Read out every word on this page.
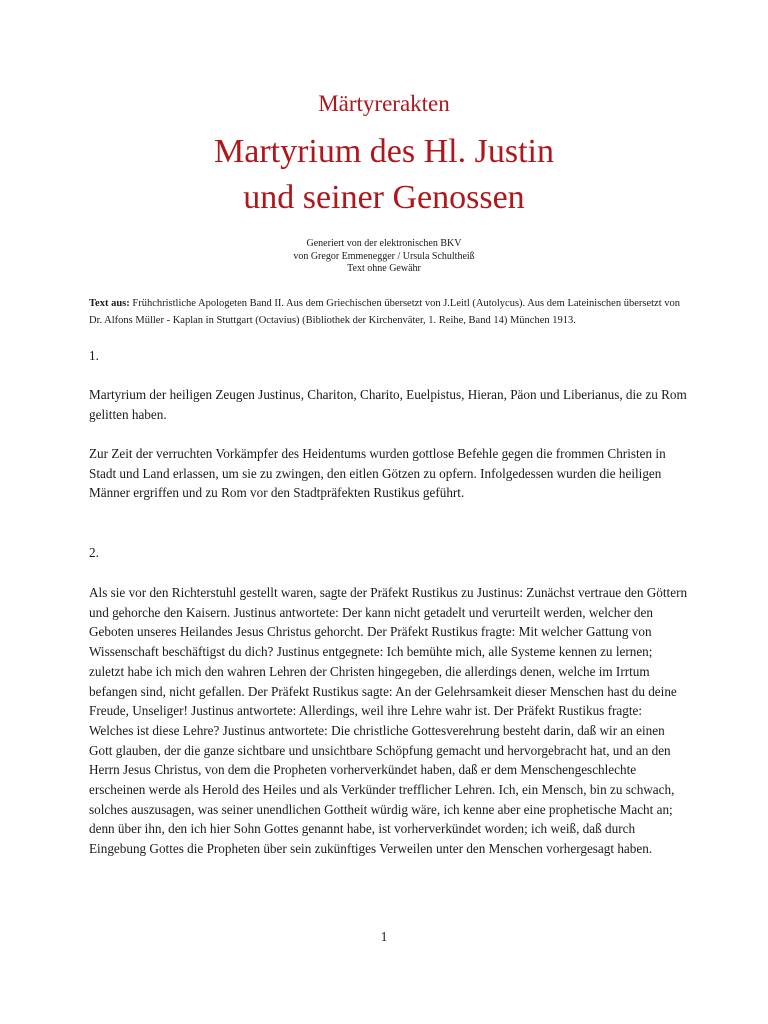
Märtyrerakten
Martyrium des Hl. Justin
und seiner Genossen
Generiert von der elektronischen BKV
von Gregor Emmenegger / Ursula Schultheiß
Text ohne Gewähr
Text aus: Frühchristliche Apologeten Band II. Aus dem Griechischen übersetzt von J.Leitl (Autolycus). Aus dem Lateinischen übersetzt von Dr. Alfons Müller - Kaplan in Stuttgart (Octavius) (Bibliothek der Kirchenväter, 1. Reihe, Band 14) München 1913.

1.

Martyrium der heiligen Zeugen Justinus, Chariton, Charito, Euelpistus, Hieran, Päon und Liberianus, die zu Rom gelitten haben.

Zur Zeit der verruchten Vorkämpfer des Heidentums wurden gottlose Befehle gegen die frommen Christen in Stadt und Land erlassen, um sie zu zwingen, den eitlen Götzen zu opfern. Infolgedessen wurden die heiligen Männer ergriffen und zu Rom vor den Stadtpräfekten Rustikus geführt.

2.

Als sie vor den Richterstuhl gestellt waren, sagte der Präfekt Rustikus zu Justinus: Zunächst vertraue den Göttern und gehorche den Kaisern. Justinus antwortete: Der kann nicht getadelt und verurteilt werden, welcher den Geboten unseres Heilandes Jesus Christus gehorcht. Der Präfekt Rustikus fragte: Mit welcher Gattung von Wissenschaft beschäftigst du dich? Justinus entgegnete: Ich bemühte mich, alle Systeme kennen zu lernen; zuletzt habe ich mich den wahren Lehren der Christen hingegeben, die allerdings denen, welche im Irrtum befangen sind, nicht gefallen. Der Präfekt Rustikus sagte: An der Gelehrsamkeit dieser Menschen hast du deine Freude, Unseliger! Justinus antwortete: Allerdings, weil ihre Lehre wahr ist. Der Präfekt Rustikus fragte: Welches ist diese Lehre? Justinus antwortete: Die christliche Gottesverehrung besteht darin, daß wir an einen Gott glauben, der die ganze sichtbare und unsichtbare Schöpfung gemacht und hervorgebracht hat, und an den Herrn Jesus Christus, von dem die Propheten vorherverkündet haben, daß er dem Menschengeschlechte erscheinen werde als Herold des Heiles und als Verkünder trefflicher Lehren. Ich, ein Mensch, bin zu schwach, solches auszusagen, was seiner unendlichen Gottheit würdig wäre, ich kenne aber eine prophetische Macht an; denn über ihn, den ich hier Sohn Gottes genannt habe, ist vorherverkündet worden; ich weiß, daß durch Eingebung Gottes die Propheten über sein zukünftiges Verweilen unter den Menschen vorhergesagt haben.

1
